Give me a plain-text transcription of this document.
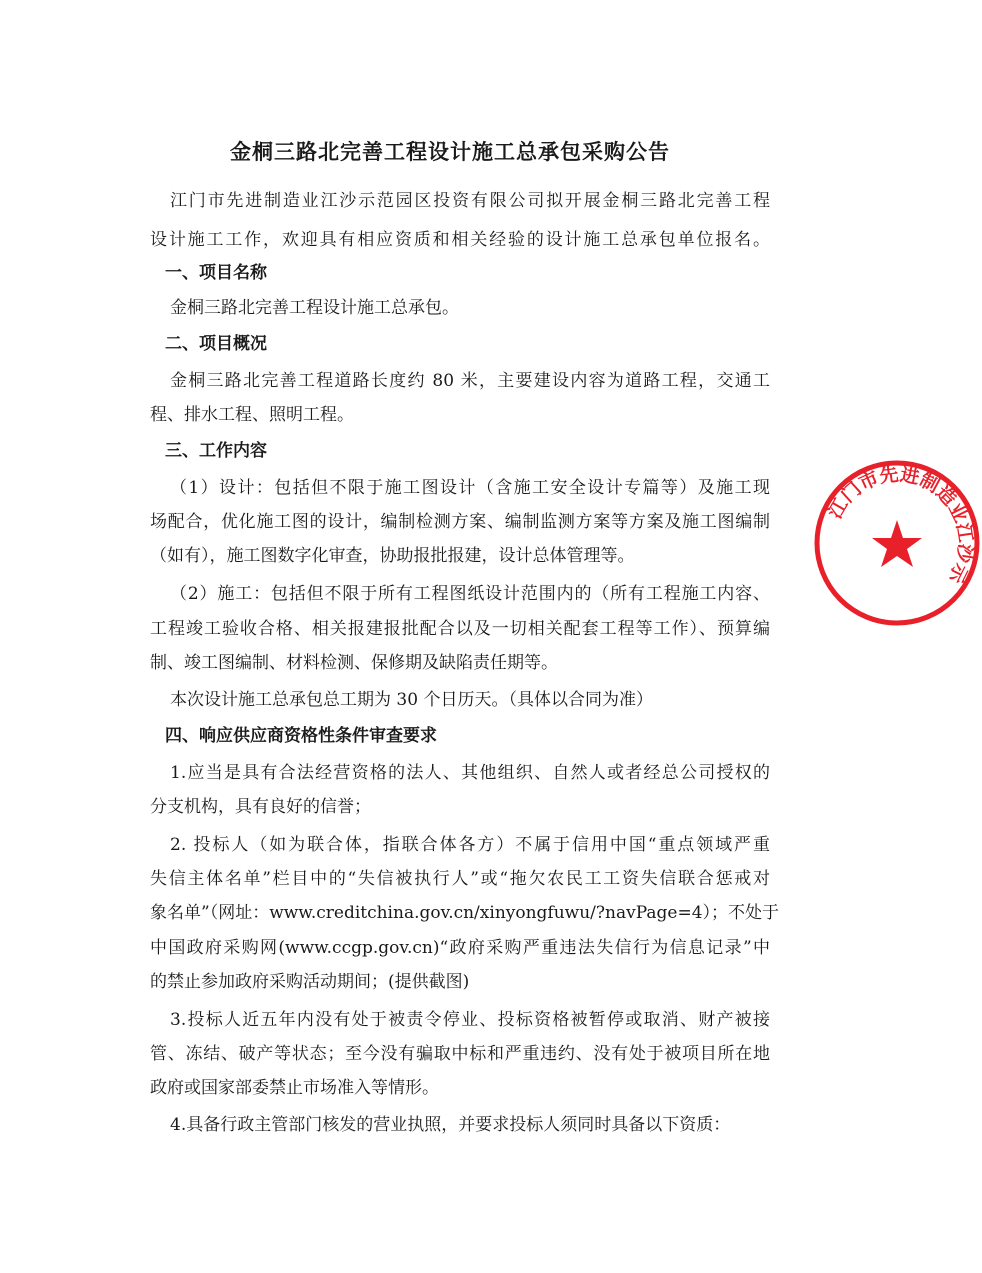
金桐三路北完善工程设计施工总承包采购公告

江门市先进制造业江沙示范园区投资有限公司拟开展金桐三路北完善工程

设计施工工作，欢迎具有相应资质和相关经验的设计施工总承包单位报名。

一、项目名称

金桐三路北完善工程设计施工总承包。

二、项目概况

金桐三路北完善工程道路长度约 80 米，主要建设内容为道路工程，交通工

程、排水工程、照明工程。

三、工作内容

（1）设计：包括但不限于施工图设计（含施工安全设计专篇等）及施工现

场配合，优化施工图的设计，编制检测方案、编制监测方案等方案及施工图编制

（如有），施工图数字化审查，协助报批报建，设计总体管理等。

（2）施工：包括但不限于所有工程图纸设计范围内的（所有工程施工内容、

工程竣工验收合格、相关报建报批配合以及一切相关配套工程等工作）、预算编

制、竣工图编制、材料检测、保修期及缺陷责任期等。

本次设计施工总承包总工期为 30 个日历天。（具体以合同为准）

四、响应供应商资格性条件审查要求

1.应当是具有合法经营资格的法人、其他组织、自然人或者经总公司授权的

分支机构，具有良好的信誉；

2. 投标人（如为联合体，指联合体各方）不属于信用中国“重点领域严重

失信主体名单”栏目中的“失信被执行人”或“拖欠农民工工资失信联合惩戒对

象名单”（网址：www.creditchina.gov.cn/xinyongfuwu/?navPage=4）；不处于

中国政府采购网(www.ccgp.gov.cn)“政府采购严重违法失信行为信息记录”中

的禁止参加政府采购活动期间；(提供截图)

3.投标人近五年内没有处于被责令停业、投标资格被暂停或取消、财产被接

管、冻结、破产等状态；至今没有骗取中标和严重违约、没有处于被项目所在地

政府或国家部委禁止市场准入等情形。

4.具备行政主管部门核发的营业执照，并要求投标人须同时具备以下资质：

江门市先进制造业江沙示
